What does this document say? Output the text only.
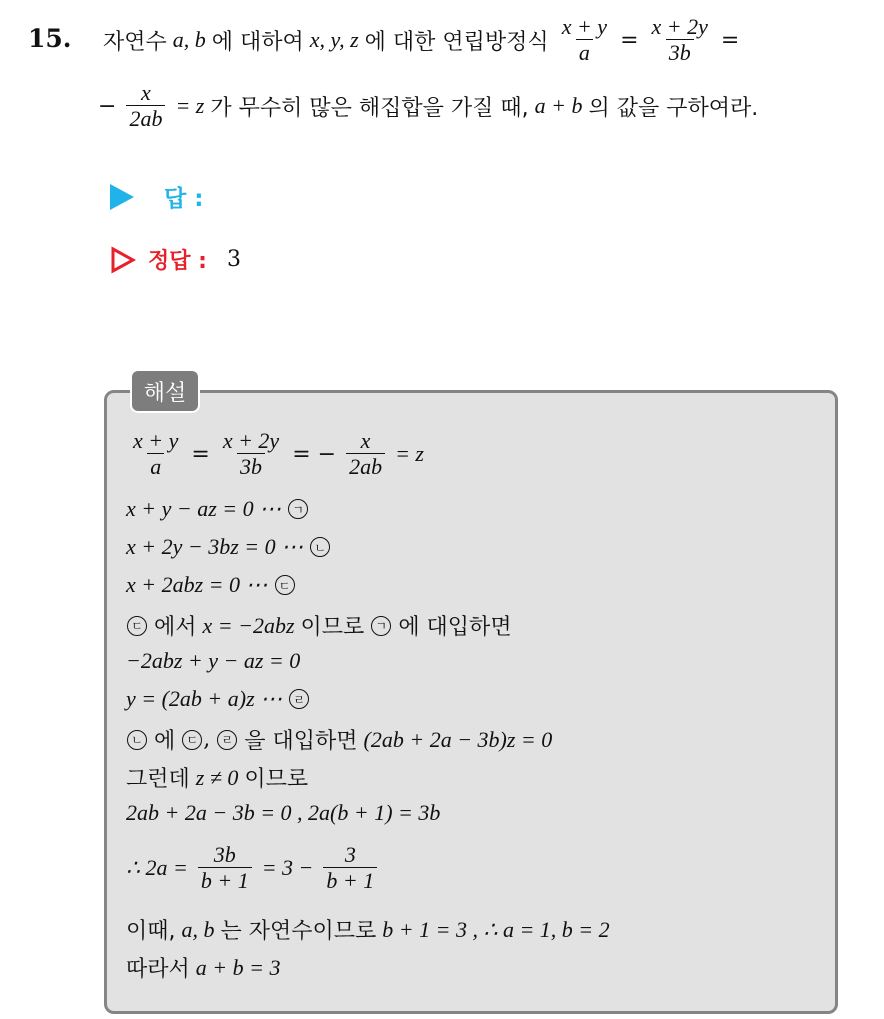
15. 자연수 a, b 에 대하여 x, y, z 에 대한 연립방정식 $\frac{x + y}{a} = \frac{x + 2y}{3b}$ =
− $\frac{x}{2ab} = z$ 가 무수히 많은 해집합을 가질 때, a + b 의 값을 구하여라.
답 :
정답 : 3
해설
$\frac{x + y}{a} = \frac{x + 2y}{3b}$ = − $\frac{x}{2ab} = z$
x + y − az = 0 ⋯ ㄱ
x + 2y − 3bz = 0 ⋯ ㄴ
x + 2abz = 0 ⋯ ㄷ
ㄷ 에서 x = −2abz 이므로 ㄱ 에 대입하면
−2abz + y − az = 0
y = (2ab + a)z ⋯ ㄹ
ㄴ 에 ㄷ , ㄹ 을 대입하면 (2ab + 2a − 3b)z = 0
그런데 z ≠ 0 이므로
2ab + 2a − 3b = 0 , 2a(b + 1) = 3b
∴ $2a = \frac{3b}{b + 1} = 3 - \frac{3}{b + 1}$
이때, a, b 는 자연수이므로 b + 1 = 3 , ∴ a = 1, b = 2
따라서 a + b = 3
